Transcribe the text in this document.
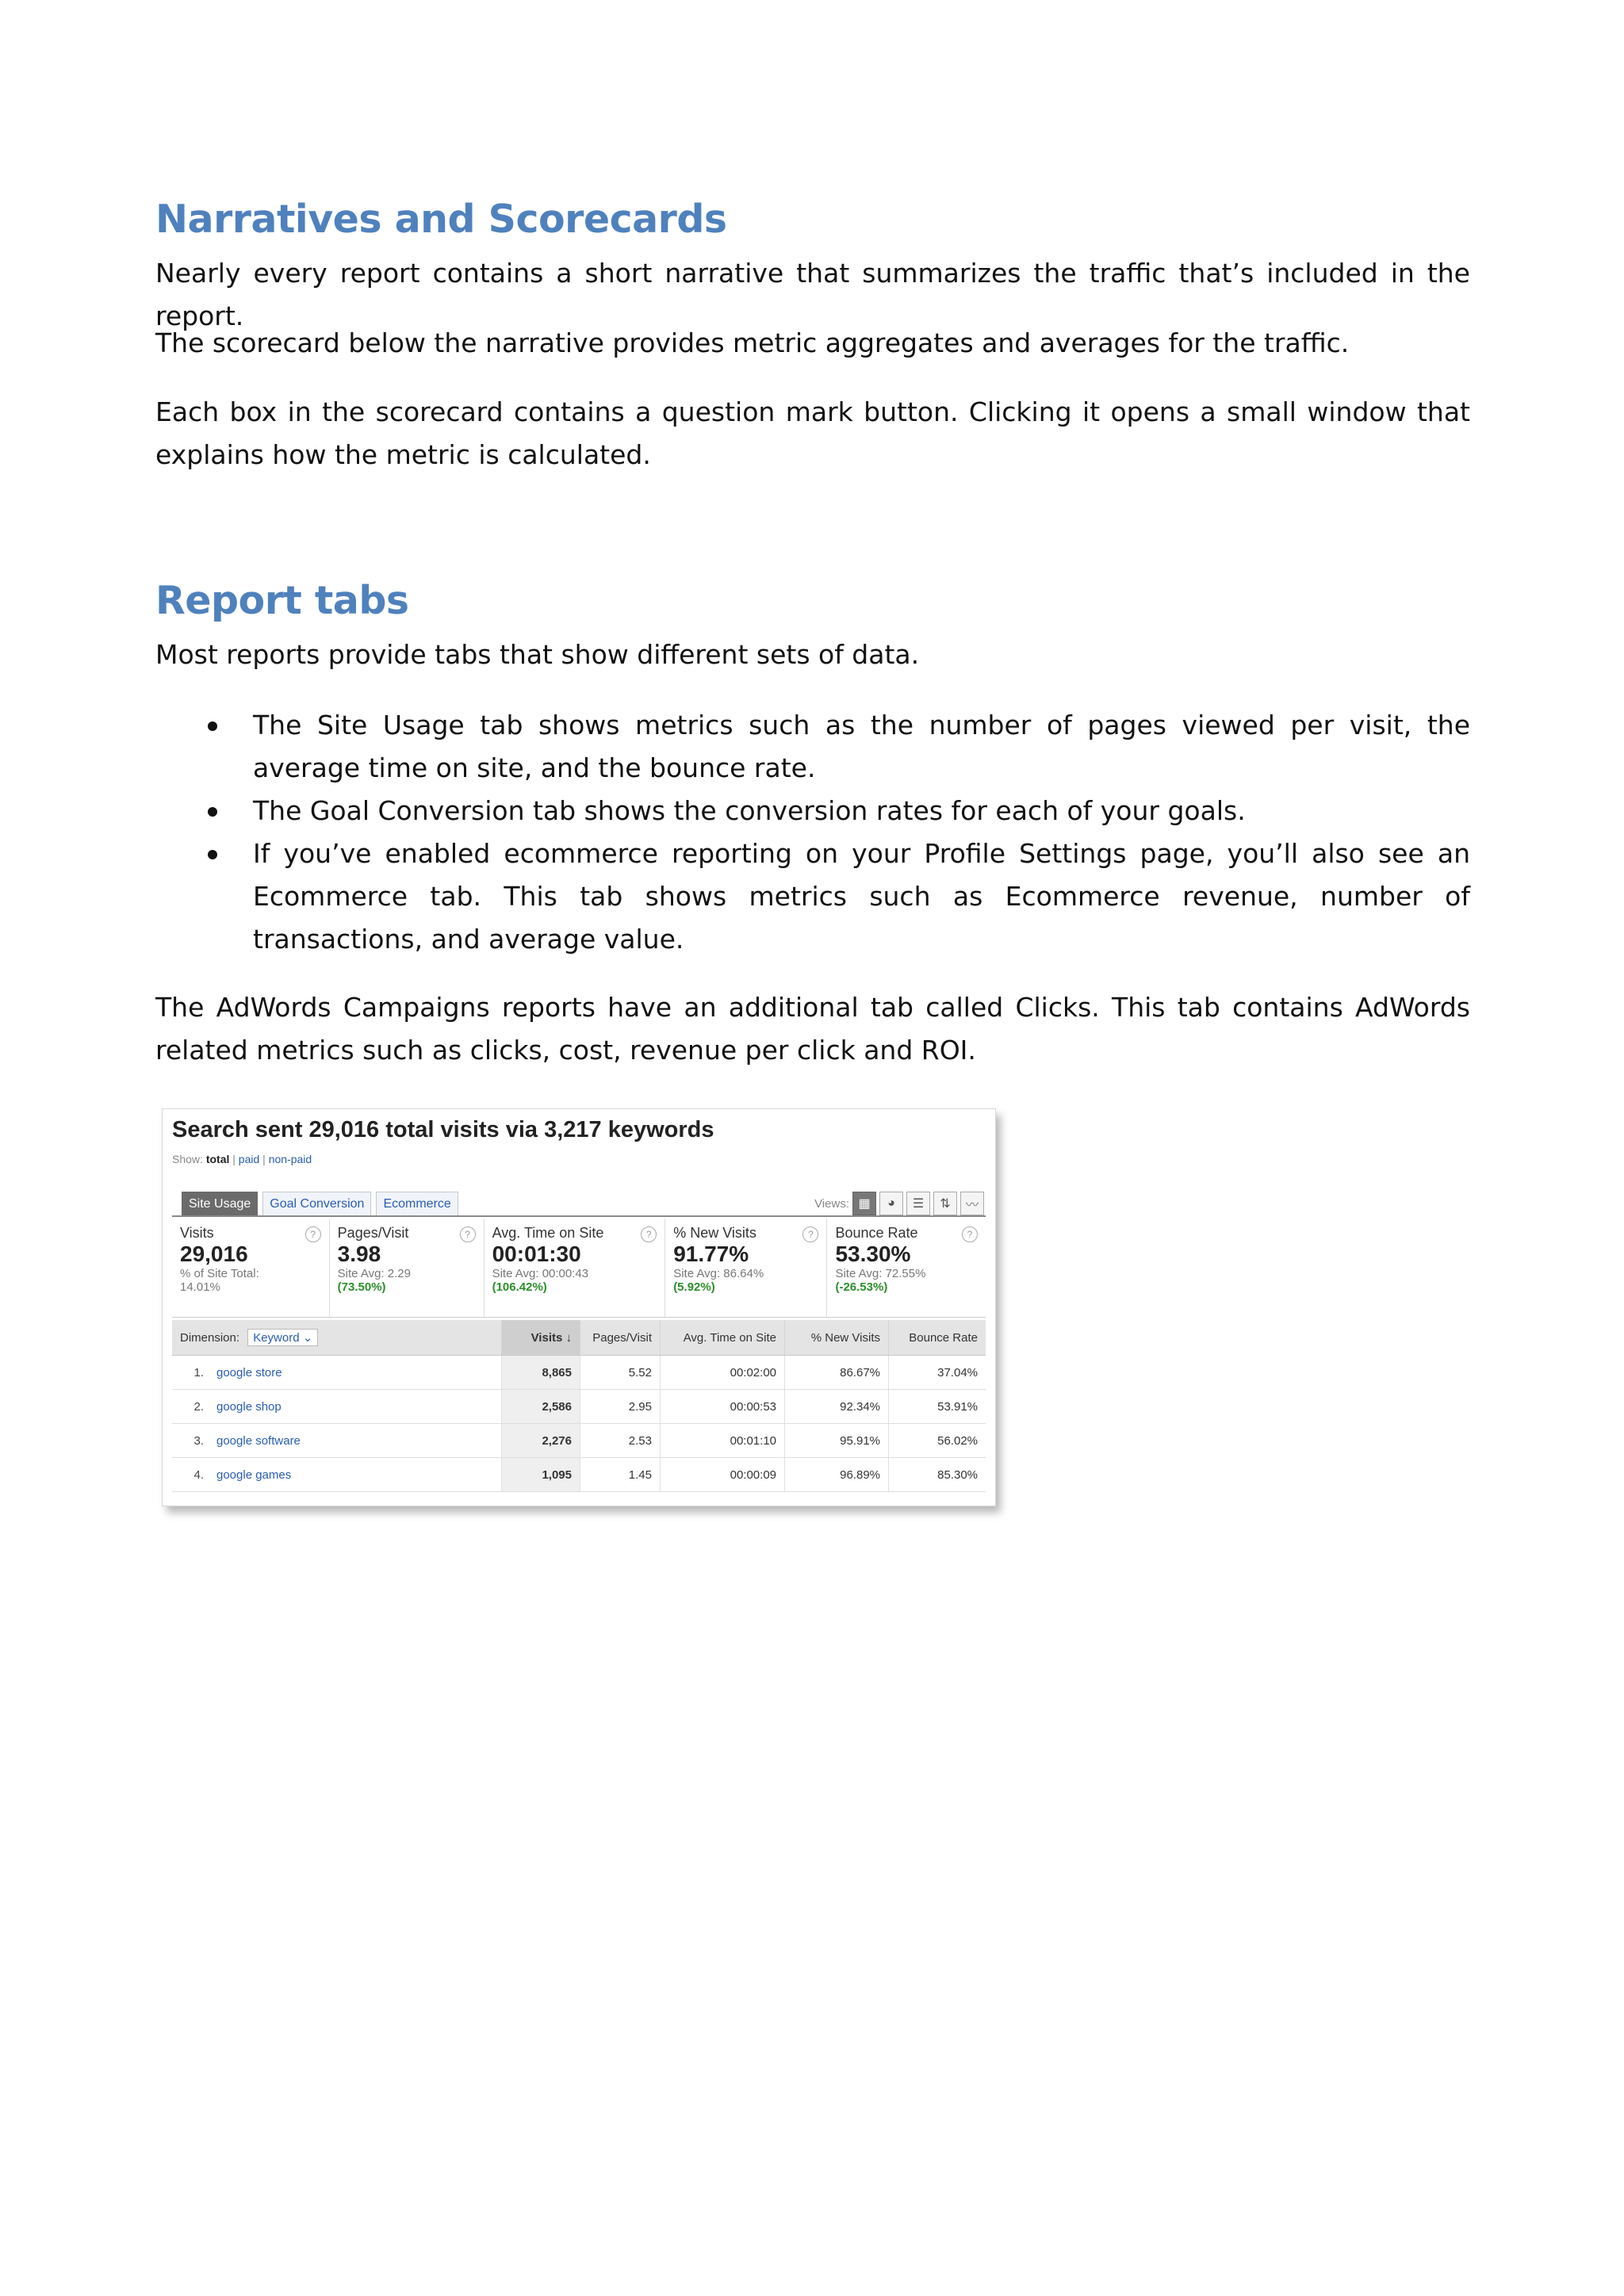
Narratives and Scorecards

Nearly every report contains a short narrative that summarizes the traffic that’s included in the report.

The scorecard below the narrative provides metric aggregates and averages for the traffic.

Each box in the scorecard contains a question mark button. Clicking it opens a small window that explains how the metric is calculated.

Report tabs

Most reports provide tabs that show different sets of data.

The Site Usage tab shows metrics such as the number of pages viewed per visit, the average time on site, and the bounce rate.
The Goal Conversion tab shows the conversion rates for each of your goals.
If you’ve enabled ecommerce reporting on your Profile Settings page, you’ll also see an Ecommerce tab. This tab shows metrics such as Ecommerce revenue, number of transactions, and average value.

The AdWords Campaigns reports have an additional tab called Clicks. This tab contains AdWords related metrics such as clicks, cost, revenue per click and ROI.

Search sent 29,016 total visits via 3,217 keywords
Show: total | paid | non-paid
Site Usage	Goal Conversion	Ecommerce	Views: ▦	◕	☰	⇅	〰
Visits
29,016
% of Site Total:
14.01%
?	Pages/Visit
3.98
Site Avg: 2.29
(73.50%)
?	Avg. Time on Site
00:01:30
Site Avg: 00:00:43
(106.42%)
?	% New Visits
91.77%
Site Avg: 86.64%
(5.92%)
?	Bounce Rate
53.30%
Site Avg: 72.55%
(-26.53%)
?
Dimension: Keyword ⌄		Visits ↓	Pages/Visit	Avg. Time on Site	% New Visits	Bounce Rate
1.	google store	8,865	5.52	00:02:00	86.67%	37.04%
2.	google shop	2,586	2.95	00:00:53	92.34%	53.91%
3.	google software	2,276	2.53	00:01:10	95.91%	56.02%
4.	google games	1,095	1.45	00:00:09	96.89%	85.30%
